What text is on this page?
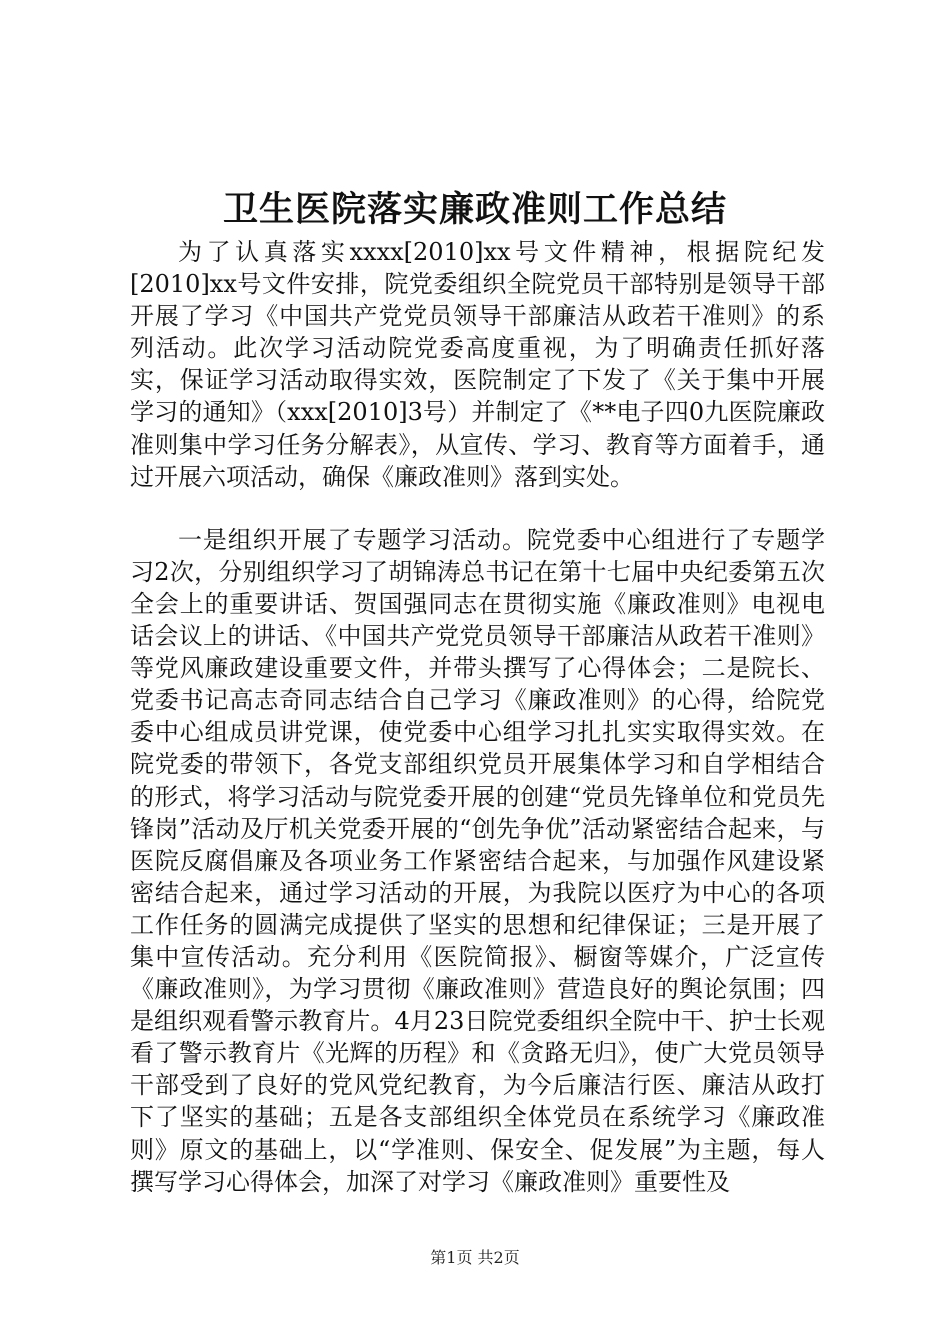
卫生医院落实廉政准则工作总结

为了认真落实xxxx[2010]xx号文件精神，根据院纪发[2010]xx号文件安排，院党委组织全院党员干部特别是领导干部开展了学习《中国共产党党员领导干部廉洁从政若干准则》的系列活动。此次学习活动院党委高度重视，为了明确责任抓好落实，保证学习活动取得实效，医院制定了下发了《关于集中开展学习的通知》（xxx[2010]3号）并制定了《**电子四0九医院廉政准则集中学习任务分解表》，从宣传、学习、教育等方面着手，通过开展六项活动，确保《廉政准则》落到实处。

一是组织开展了专题学习活动。院党委中心组进行了专题学习2次，分别组织学习了胡锦涛总书记在第十七届中央纪委第五次全会上的重要讲话、贺国强同志在贯彻实施《廉政准则》电视电话会议上的讲话、《中国共产党党员领导干部廉洁从政若干准则》等党风廉政建设重要文件，并带头撰写了心得体会；二是院长、党委书记高志奇同志结合自己学习《廉政准则》的心得，给院党委中心组成员讲党课，使党委中心组学习扎扎实实取得实效。在院党委的带领下，各党支部组织党员开展集体学习和自学相结合的形式，将学习活动与院党委开展的创建“党员先锋单位和党员先锋岗”活动及厅机关党委开展的“创先争优”活动紧密结合起来，与医院反腐倡廉及各项业务工作紧密结合起来，与加强作风建设紧密结合起来，通过学习活动的开展，为我院以医疗为中心的各项工作任务的圆满完成提供了坚实的思想和纪律保证；三是开展了集中宣传活动。充分利用《医院简报》、橱窗等媒介，广泛宣传《廉政准则》，为学习贯彻《廉政准则》营造良好的舆论氛围；四是组织观看警示教育片。4月23日院党委组织全院中干、护士长观看了警示教育片《光辉的历程》和《贪路无归》，使广大党员领导干部受到了良好的党风党纪教育，为今后廉洁行医、廉洁从政打下了坚实的基础；五是各支部组织全体党员在系统学习《廉政准则》原文的基础上，以“学准则、保安全、促发展”为主题，每人撰写学习心得体会，加深了对学习《廉政准则》重要性及

第1页 共2页
